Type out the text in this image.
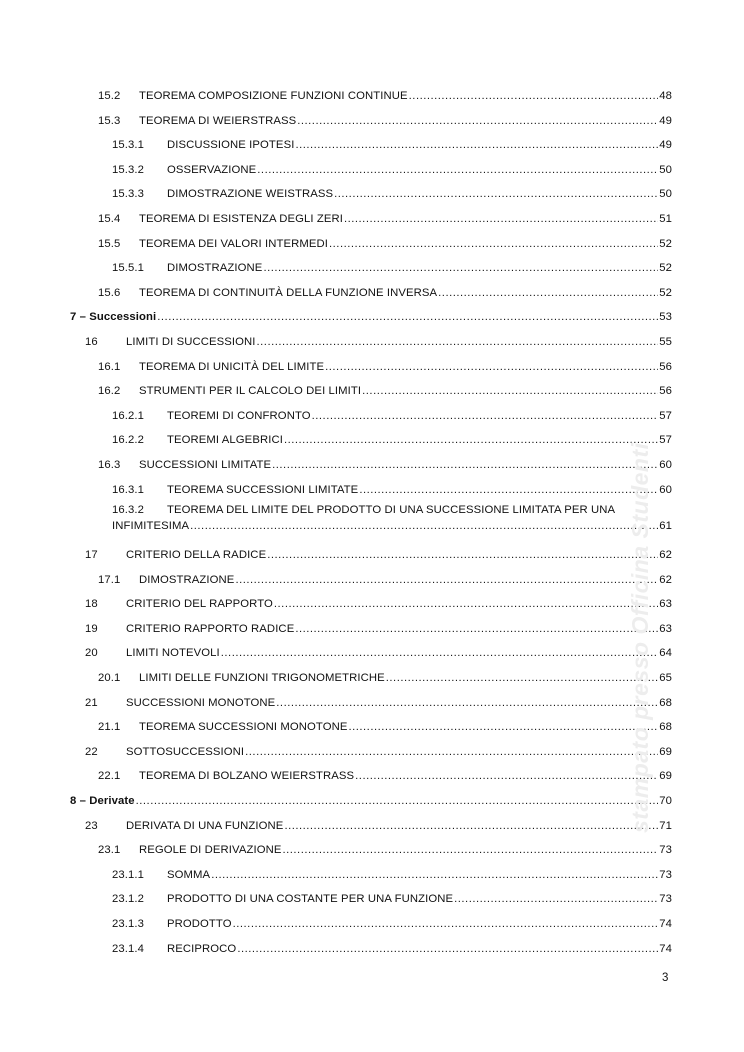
15.2 TEOREMA COMPOSIZIONE FUNZIONI CONTINUE .....	48
15.3 TEOREMA DI WEIERSTRASS .....	49
15.3.1 DISCUSSIONE IPOTESI .....	49
15.3.2 OSSERVAZIONE .....	50
15.3.3 DIMOSTRAZIONE WEISTRASS .....	50
15.4 TEOREMA DI ESISTENZA DEGLI ZERI .....	51
15.5 TEOREMA DEI VALORI INTERMEDI .....	52
15.5.1 DIMOSTRAZIONE .....	52
15.6 TEOREMA DI CONTINUITÀ DELLA FUNZIONE INVERSA .....	52
7 – Successioni .....	53
16 LIMITI DI SUCCESSIONI .....	55
16.1 TEOREMA DI UNICITÀ DEL LIMITE .....	56
16.2 STRUMENTI PER IL CALCOLO DEI LIMITI .....	56
16.2.1 TEOREMI DI CONFRONTO .....	57
16.2.2 TEOREMI ALGEBRICI .....	57
16.3 SUCCESSIONI LIMITATE .....	60
16.3.1 TEOREMA SUCCESSIONI LIMITATE .....	60
16.3.2 TEOREMA DEL LIMITE DEL PRODOTTO DI UNA SUCCESSIONE LIMITATA PER UNA
INFIMITESIMA .....	61
17 CRITERIO DELLA RADICE .....	62
17.1 DIMOSTRAZIONE .....	62
18 CRITERIO DEL RAPPORTO .....	63
19 CRITERIO RAPPORTO RADICE .....	63
20 LIMITI NOTEVOLI .....	64
20.1 LIMITI DELLE FUNZIONI TRIGONOMETRICHE .....	65
21 SUCCESSIONI MONOTONE .....	68
21.1 TEOREMA SUCCESSIONI MONOTONE .....	68
22 SOTTOSUCCESSIONI .....	69
22.1 TEOREMA DI BOLZANO WEIERSTRASS .....	69
8 – Derivate .....	70
23 DERIVATA DI UNA FUNZIONE .....	71
23.1 REGOLE DI DERIVAZIONE .....	73
23.1.1 SOMMA .....	73
23.1.2 PRODOTTO DI UNA COSTANTE PER UNA FUNZIONE .....	73
23.1.3 PRODOTTO .....	74
23.1.4 RECIPROCO .....	74
3
stampato presso Officina Studenti
